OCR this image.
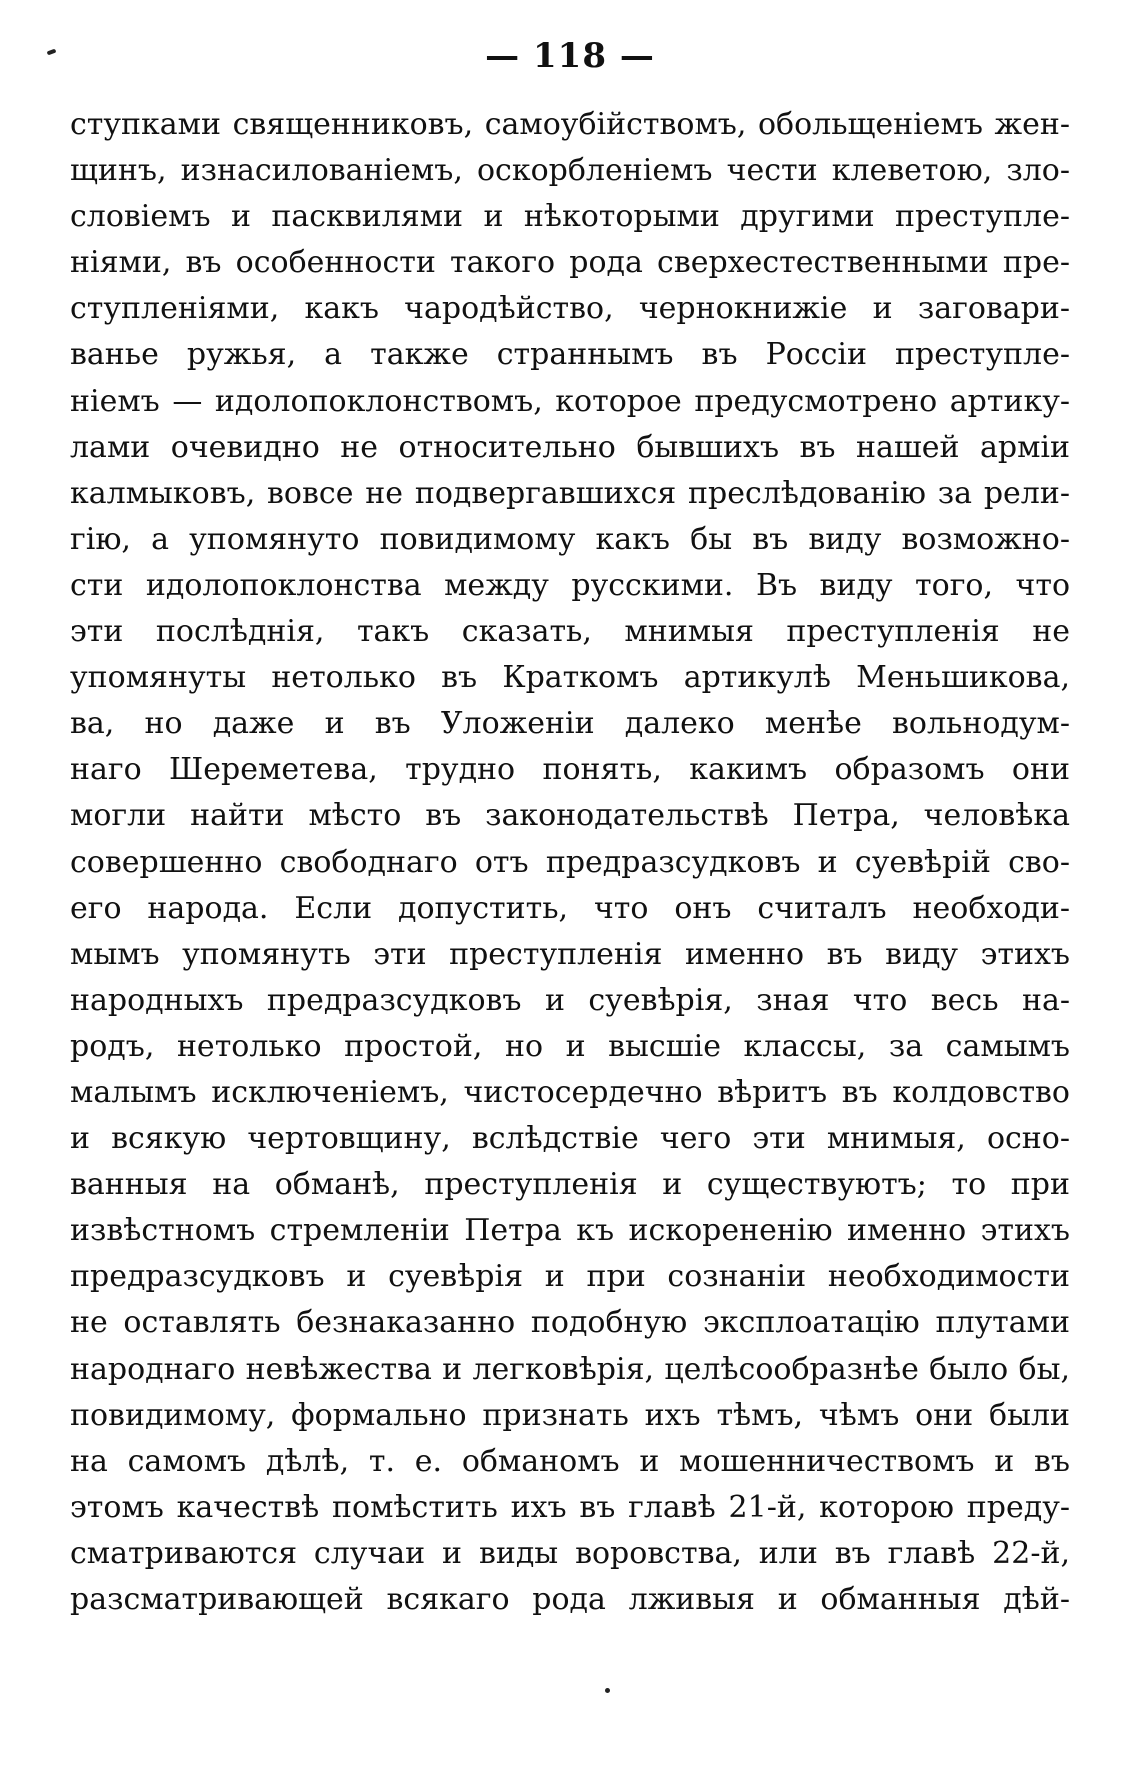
— 118 —
ступками священниковъ, самоубійствомъ, обольщеніемъ жен-
щинъ, изнасилованіемъ, оскорбленіемъ чести клеветою, зло-
словіемъ и пасквилями и нѣкоторыми другими преступле-
ніями, въ особенности такого рода сверхестественными пре-
ступленіями, какъ чародѣйство, чернокнижіе и заговари-
ванье ружья, а также страннымъ въ Россіи преступле-
ніемъ — идолопоклонствомъ, которое предусмотрено артику-
лами очевидно не относительно бывшихъ въ нашей арміи
калмыковъ, вовсе не подвергавшихся преслѣдованію за рели-
гію, а упомянуто повидимому какъ бы въ виду возможно-
сти идолопоклонства между русскими. Въ виду того, что
эти послѣднія, такъ сказать, мнимыя преступленія не
упомянуты нетолько въ Краткомъ артикулѣ Меньшикова,
ва, но даже и въ Уложеніи далеко менѣе вольнодум-
наго Шереметева, трудно понять, какимъ образомъ они
могли найти мѣсто въ законодательствѣ Петра, человѣка
совершенно свободнаго отъ предразсудковъ и суевѣрій сво-
его народа. Если допустить, что онъ считалъ необходи-
мымъ упомянуть эти преступленія именно въ виду этихъ
народныхъ предразсудковъ и суевѣрія, зная что весь на-
родъ, нетолько простой, но и высшіе классы, за самымъ
малымъ исключеніемъ, чистосердечно вѣритъ въ колдовство
и всякую чертовщину, вслѣдствіе чего эти мнимыя, осно-
ванныя на обманѣ, преступленія и существуютъ; то при
извѣстномъ стремленіи Петра къ искорененію именно этихъ
предразсудковъ и суевѣрія и при сознаніи необходимости
не оставлять безнаказанно подобную эксплоатацію плутами
народнаго невѣжества и легковѣрія, целѣсообразнѣе было бы,
повидимому, формально признать ихъ тѣмъ, чѣмъ они были
на самомъ дѣлѣ, т. е. обманомъ и мошенничествомъ и въ
этомъ качествѣ помѣстить ихъ въ главѣ 21-й, которою преду-
сматриваются случаи и виды воровства, или въ главѣ 22-й,
разсматривающей всякаго рода лживыя и обманныя дѣй-
